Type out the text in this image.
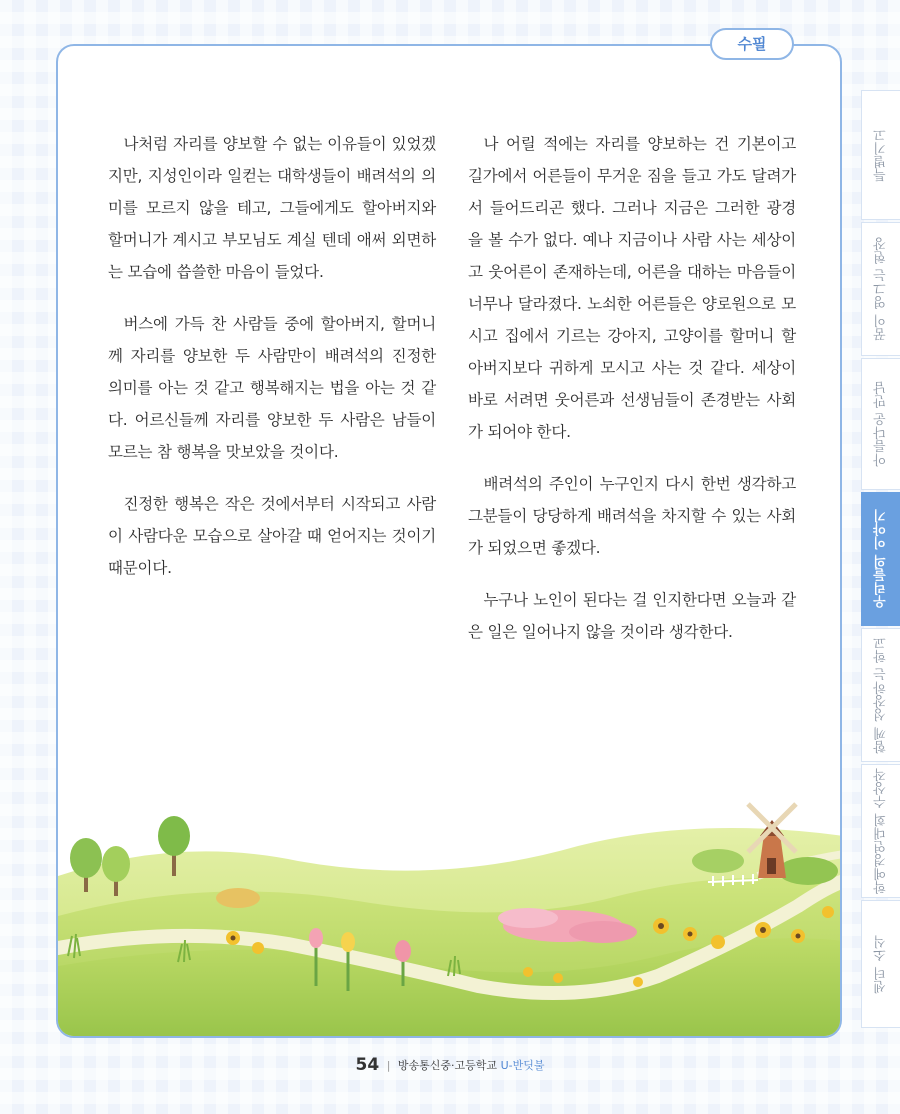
나처럼 자리를 양보할 수 없는 이유들이 있었겠지만, 지성인이라 일컫는 대학생들이 배려석의 의미를 모르지 않을 테고, 그들에게도 할아버지와 할머니가 계시고 부모님도 계실 텐데 애써 외면하는 모습에 씁쓸한 마음이 들었다.

버스에 가득 찬 사람들 중에 할아버지, 할머니께 자리를 양보한 두 사람만이 배려석의 진정한 의미를 아는 것 같고 행복해지는 법을 아는 것 같다. 어르신들께 자리를 양보한 두 사람은 남들이 모르는 참 행복을 맛보았을 것이다.

진정한 행복은 작은 것에서부터 시작되고 사람이 사람다운 모습으로 살아갈 때 얻어지는 것이기 때문이다.

나 어릴 적에는 자리를 양보하는 건 기본이고 길가에서 어른들이 무거운 짐을 들고 가도 달려가서 들어드리곤 했다. 그러나 지금은 그러한 광경을 볼 수가 없다. 예나 지금이나 사람 사는 세상이고 웃어른이 존재하는데, 어른을 대하는 마음들이 너무나 달라졌다. 노쇠한 어른들은 양로원으로 모시고 집에서 기르는 강아지, 고양이를 할머니 할아버지보다 귀하게 모시고 사는 것 같다. 세상이 바로 서려면 웃어른과 선생님들이 존경받는 사회가 되어야 한다.

배려석의 주인이 누구인지 다시 한번 생각하고 그분들이 당당하게 배려석을 차지할 수 있는 사회가 되었으면 좋겠다.

누구나 노인이 된다는 걸 인지한다면 오늘과 같은 일은 일어나지 않을 것이라 생각한다.

수필
특별기고
꿈이 영그는 현장
아름다운 만남
우리들의 이야기
함께 성장하는 학교
학예경연대회 수상작
센터 소식
54 | 방송통신중·고등학교 U-반딧불
